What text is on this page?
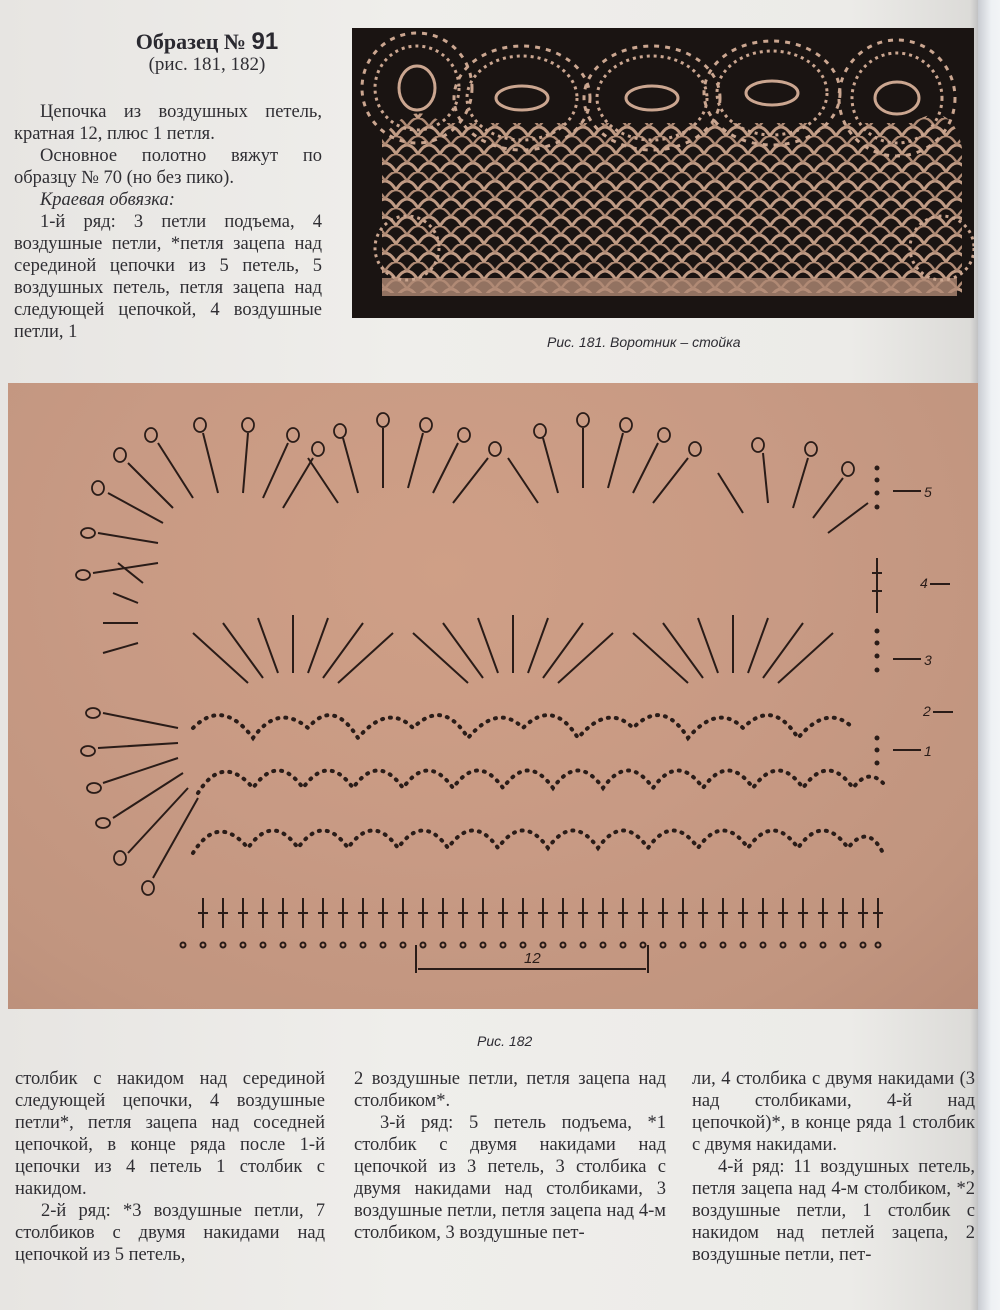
Образец № 91
(рис. 181, 182)

Цепочка из воздушных петель, кратная 12, плюс 1 петля.

Основное полотно вяжут по образцу № 70 (но без пико).

Краевая обвязка:

1-й ряд: 3 петли подъема, 4 воздушные петли, *петля зацепа над серединой цепочки из 5 петель, 5 воздушных петель, петля зацепа над следующей цепочкой, 4 воздушные петли, 1	Рис. 181. Воротник – стойка
5
4
3
2
1
12
Рис. 182

столбик с накидом над серединой следующей цепочки, 4 воздушные петли*, петля зацепа над соседней цепочкой, в конце ряда после 1-й цепочки из 4 петель 1 столбик с накидом.

2-й ряд: *3 воздушные петли, 7 столбиков с двумя накидами над цепочкой из 5 петель,

2 воздушные петли, петля зацепа над столбиком*.

3-й ряд: 5 петель подъема, *1 столбик с двумя накидами над цепочкой из 3 петель, 3 столбика с двумя накидами над столбиками, 3 воздушные петли, петля зацепа над 4-м столбиком, 3 воздушные пет-

ли, 4 столбика с двумя накидами (3 над столбиками, 4-й над цепочкой)*, в конце ряда 1 столбик с двумя накидами.

4-й ряд: 11 воздушных петель, петля зацепа над 4-м столбиком, *2 воздушные петли, 1 столбик с накидом над петлей зацепа, 2 воздушные петли, пет-
